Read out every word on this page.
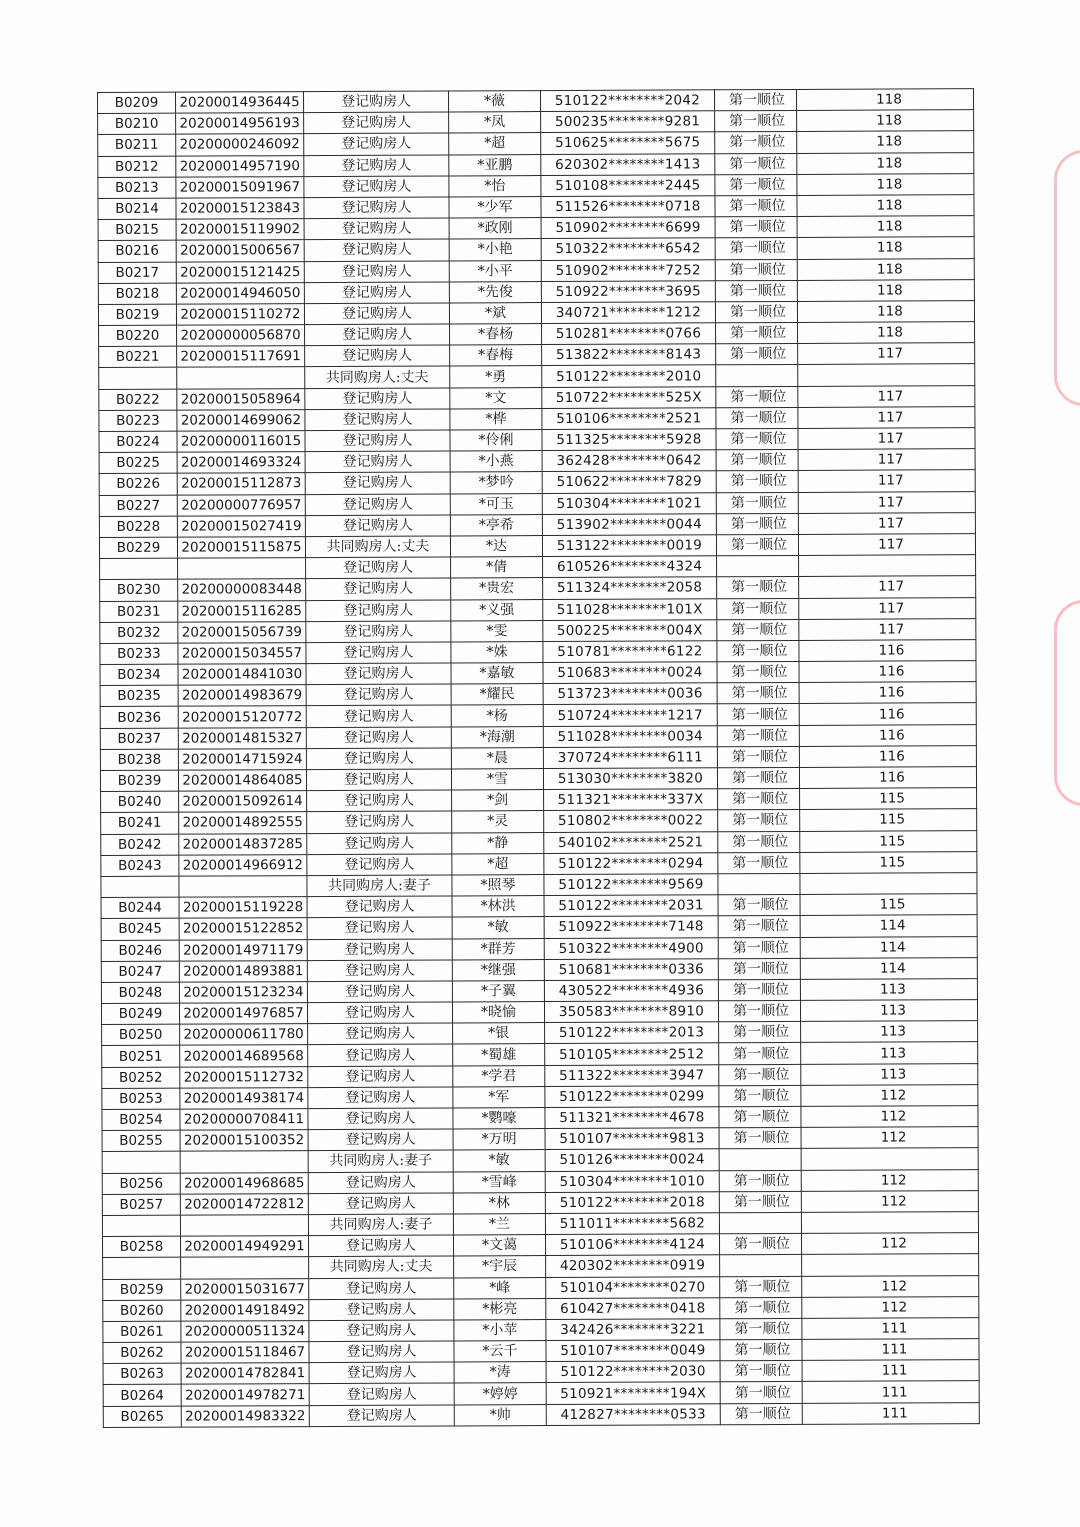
B0209	20200014936445	登记购房人	*薇	510122********2042	第一顺位	118
B0210	20200014956193	登记购房人	*凤	500235********9281	第一顺位	118
B0211	20200000246092	登记购房人	*超	510625********5675	第一顺位	118
B0212	20200014957190	登记购房人	*亚鹏	620302********1413	第一顺位	118
B0213	20200015091967	登记购房人	*怡	510108********2445	第一顺位	118
B0214	20200015123843	登记购房人	*少军	511526********0718	第一顺位	118
B0215	20200015119902	登记购房人	*政刚	510902********6699	第一顺位	118
B0216	20200015006567	登记购房人	*小艳	510322********6542	第一顺位	118
B0217	20200015121425	登记购房人	*小平	510902********7252	第一顺位	118
B0218	20200014946050	登记购房人	*先俊	510922********3695	第一顺位	118
B0219	20200015110272	登记购房人	*斌	340721********1212	第一顺位	118
B0220	20200000056870	登记购房人	*春杨	510281********0766	第一顺位	118
B0221	20200015117691	登记购房人	*春梅	513822********8143	第一顺位	117
		共同购房人:丈夫	*勇	510122********2010		
B0222	20200015058964	登记购房人	*文	510722********525X	第一顺位	117
B0223	20200014699062	登记购房人	*桦	510106********2521	第一顺位	117
B0224	20200000116015	登记购房人	*伶俐	511325********5928	第一顺位	117
B0225	20200014693324	登记购房人	*小燕	362428********0642	第一顺位	117
B0226	20200015112873	登记购房人	*梦吟	510622********7829	第一顺位	117
B0227	20200000776957	登记购房人	*可玉	510304********1021	第一顺位	117
B0228	20200015027419	登记购房人	*亭希	513902********0044	第一顺位	117
B0229	20200015115875	共同购房人:丈夫	*达	513122********0019	第一顺位	117
		登记购房人	*倩	610526********4324		
B0230	20200000083448	登记购房人	*贵宏	511324********2058	第一顺位	117
B0231	20200015116285	登记购房人	*义强	511028********101X	第一顺位	117
B0232	20200015056739	登记购房人	*雯	500225********004X	第一顺位	117
B0233	20200015034557	登记购房人	*姝	510781********6122	第一顺位	116
B0234	20200014841030	登记购房人	*嘉敏	510683********0024	第一顺位	116
B0235	20200014983679	登记购房人	*耀民	513723********0036	第一顺位	116
B0236	20200015120772	登记购房人	*杨	510724********1217	第一顺位	116
B0237	20200014815327	登记购房人	*海潮	511028********0034	第一顺位	116
B0238	20200014715924	登记购房人	*晨	370724********6111	第一顺位	116
B0239	20200014864085	登记购房人	*雪	513030********3820	第一顺位	116
B0240	20200015092614	登记购房人	*剑	511321********337X	第一顺位	115
B0241	20200014892555	登记购房人	*灵	510802********0022	第一顺位	115
B0242	20200014837285	登记购房人	*静	540102********2521	第一顺位	115
B0243	20200014966912	登记购房人	*超	510122********0294	第一顺位	115
		共同购房人:妻子	*照琴	510122********9569		
B0244	20200015119228	登记购房人	*林洪	510122********2031	第一顺位	115
B0245	20200015122852	登记购房人	*敏	510922********7148	第一顺位	114
B0246	20200014971179	登记购房人	*群芳	510322********4900	第一顺位	114
B0247	20200014893881	登记购房人	*继强	510681********0336	第一顺位	114
B0248	20200015123234	登记购房人	*子翼	430522********4936	第一顺位	113
B0249	20200014976857	登记购房人	*晓愉	350583********8910	第一顺位	113
B0250	20200000611780	登记购房人	*银	510122********2013	第一顺位	113
B0251	20200014689568	登记购房人	*蜀雄	510105********2512	第一顺位	113
B0252	20200015112732	登记购房人	*学君	511322********3947	第一顺位	113
B0253	20200014938174	登记购房人	*军	510122********0299	第一顺位	112
B0254	20200000708411	登记购房人	*鹦嚎	511321********4678	第一顺位	112
B0255	20200015100352	登记购房人	*万明	510107********9813	第一顺位	112
		共同购房人:妻子	*敏	510126********0024		
B0256	20200014968685	登记购房人	*雪峰	510304********1010	第一顺位	112
B0257	20200014722812	登记购房人	*林	510122********2018	第一顺位	112
		共同购房人:妻子	*兰	511011********5682		
B0258	20200014949291	登记购房人	*文蔼	510106********4124	第一顺位	112
		共同购房人:丈夫	*宇辰	420302********0919		
B0259	20200015031677	登记购房人	*峰	510104********0270	第一顺位	112
B0260	20200014918492	登记购房人	*彬亮	610427********0418	第一顺位	112
B0261	20200000511324	登记购房人	*小苹	342426********3221	第一顺位	111
B0262	20200015118467	登记购房人	*云千	510107********0049	第一顺位	111
B0263	20200014782841	登记购房人	*涛	510122********2030	第一顺位	111
B0264	20200014978271	登记购房人	*婷婷	510921********194X	第一顺位	111
B0265	20200014983322	登记购房人	*帅	412827********0533	第一顺位	111
